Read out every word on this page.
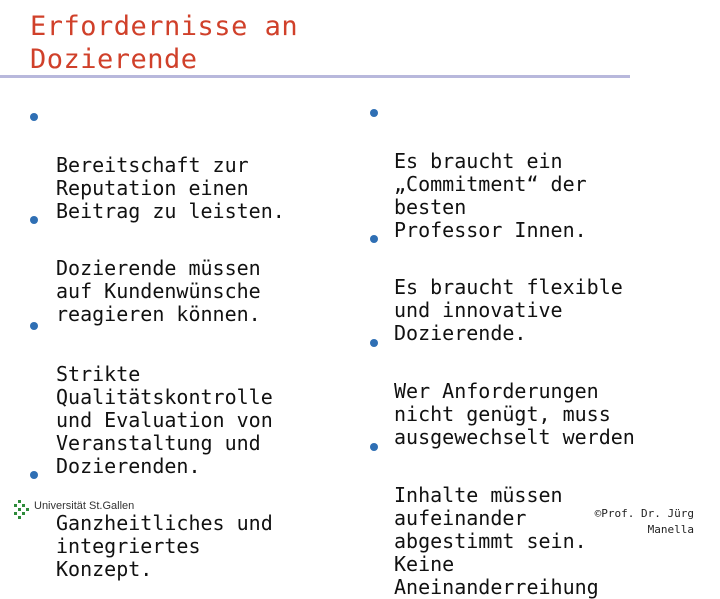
Erfordernisse an
Dozierende

Bereitschaft zur
Reputation einen
Beitrag zu leisten.

Dozierende müssen
auf Kundenwünsche
reagieren können.

Strikte
Qualitätskontrolle
und Evaluation von
Veranstaltung und
Dozierenden.

Ganzheitliches und
integriertes
Konzept.

Es braucht ein
„Commitment“ der
besten
Professor Innen.

Es braucht flexible
und innovative
Dozierende.

Wer Anforderungen
nicht genügt, muss
ausgewechselt werden

Inhalte müssen
aufeinander
abgestimmt sein.
Keine
Aneinanderreihung

Universität St.Gallen
©Prof. Dr. Jürg
Manella
